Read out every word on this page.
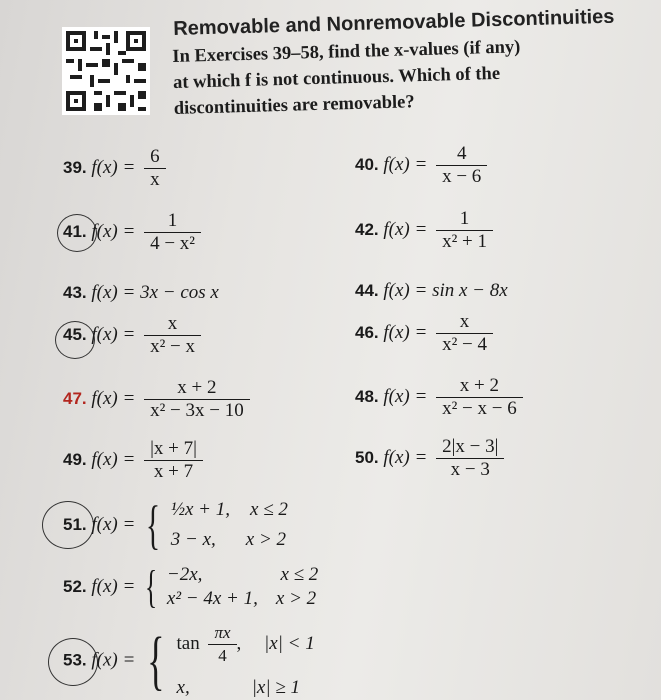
Removable and Nonremovable Discontinuities
In Exercises 39–58, find the x-values (if any)
at which f is not continuous. Which of the
discontinuities are removable?
39. $f(x) = \frac{6}{x}$	40. $f(x) = \frac{4}{x - 6}$
41. $f(x) = \frac{1}{\text{4 − x²}}$	42. $f(x) = \frac{1}{\text{x² + 1}}$
43. f(x) = 3x − cos x	44. f(x) = sin x − 8x
45. $f(x) = \frac{x}{\text{x² − x}}$	46. $f(x) = \frac{x}{\text{x² − 4}}$
47. $f(x) = \frac{x + 2}{\text{x² − 3x − 10}}$	48. $f(x) = \frac{x + 2}{\text{x² − x − 6}}$
49. $f(x) = \frac{|x + 7|}{x + 7}$	50. $f(x) = \frac{2|x - 3|}{x - 3}$
51. f(x) = { ½x + 1, x ≤ 2
3 − x, x > 2
52. f(x) = { −2x,	x ≤ 2
x² − 4x + 1, x > 2
53. f(x) = { $\tan \frac{\pi x}{4}$ , |x| < 1
x,	|x| ≥ 1
